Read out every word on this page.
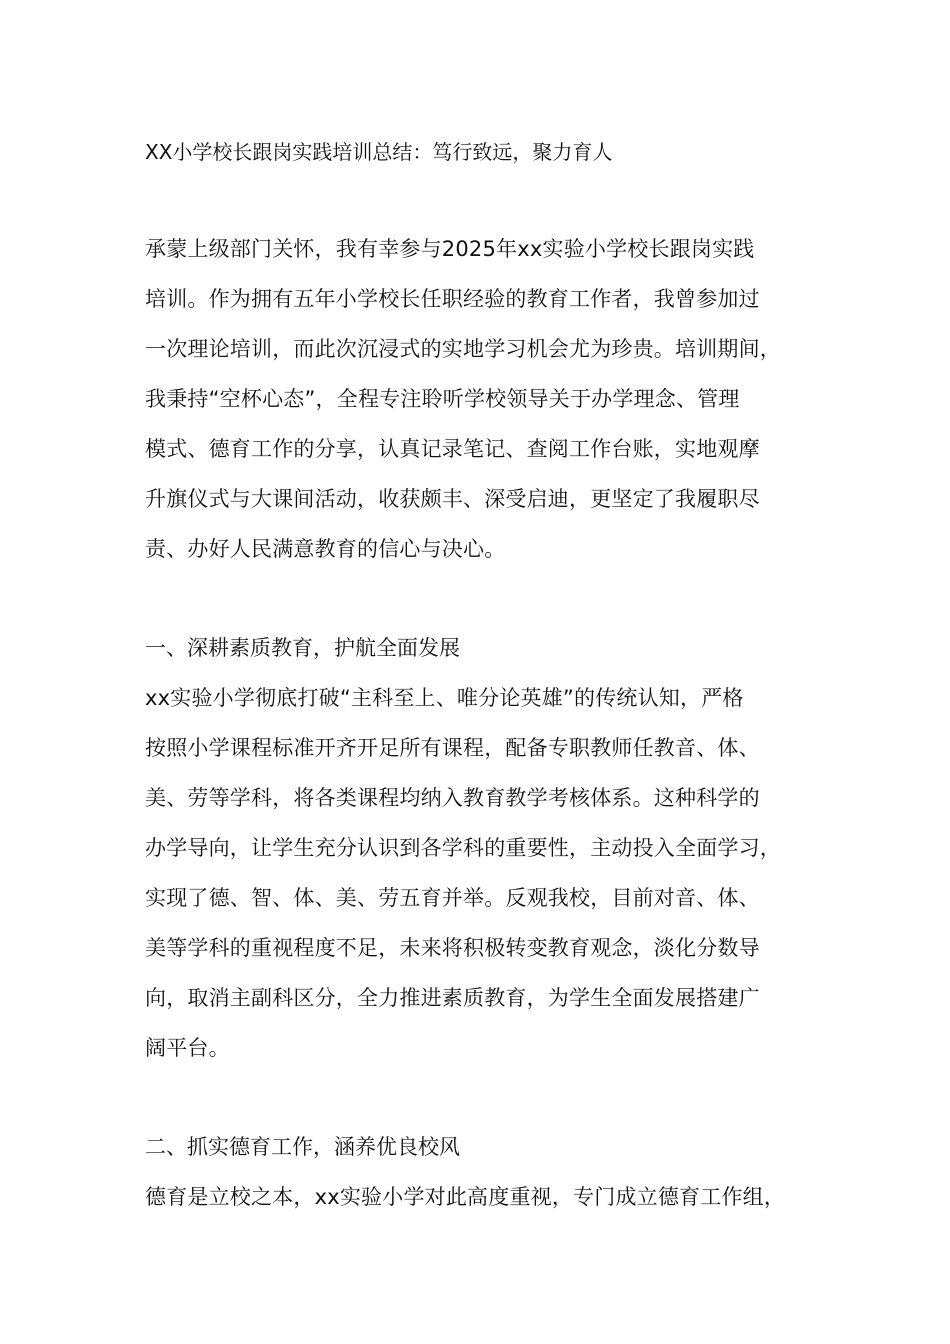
XX小学校长跟岗实践培训总结：笃行致远，聚力育人
承蒙上级部门关怀，我有幸参与2025年xx实验小学校长跟岗实践
培训。作为拥有五年小学校长任职经验的教育工作者，我曾参加过
一次理论培训，而此次沉浸式的实地学习机会尤为珍贵。培训期间，
我秉持“空杯心态”，全程专注聆听学校领导关于办学理念、管理
模式、德育工作的分享，认真记录笔记、查阅工作台账，实地观摩
升旗仪式与大课间活动，收获颇丰、深受启迪，更坚定了我履职尽
责、办好人民满意教育的信心与决心。
一、深耕素质教育，护航全面发展
xx实验小学彻底打破“主科至上、唯分论英雄”的传统认知，严格
按照小学课程标准开齐开足所有课程，配备专职教师任教音、体、
美、劳等学科，将各类课程均纳入教育教学考核体系。这种科学的
办学导向，让学生充分认识到各学科的重要性，主动投入全面学习，
实现了德、智、体、美、劳五育并举。反观我校，目前对音、体、
美等学科的重视程度不足，未来将积极转变教育观念，淡化分数导
向，取消主副科区分，全力推进素质教育，为学生全面发展搭建广
阔平台。
二、抓实德育工作，涵养优良校风
德育是立校之本，xx实验小学对此高度重视，专门成立德育工作组，
